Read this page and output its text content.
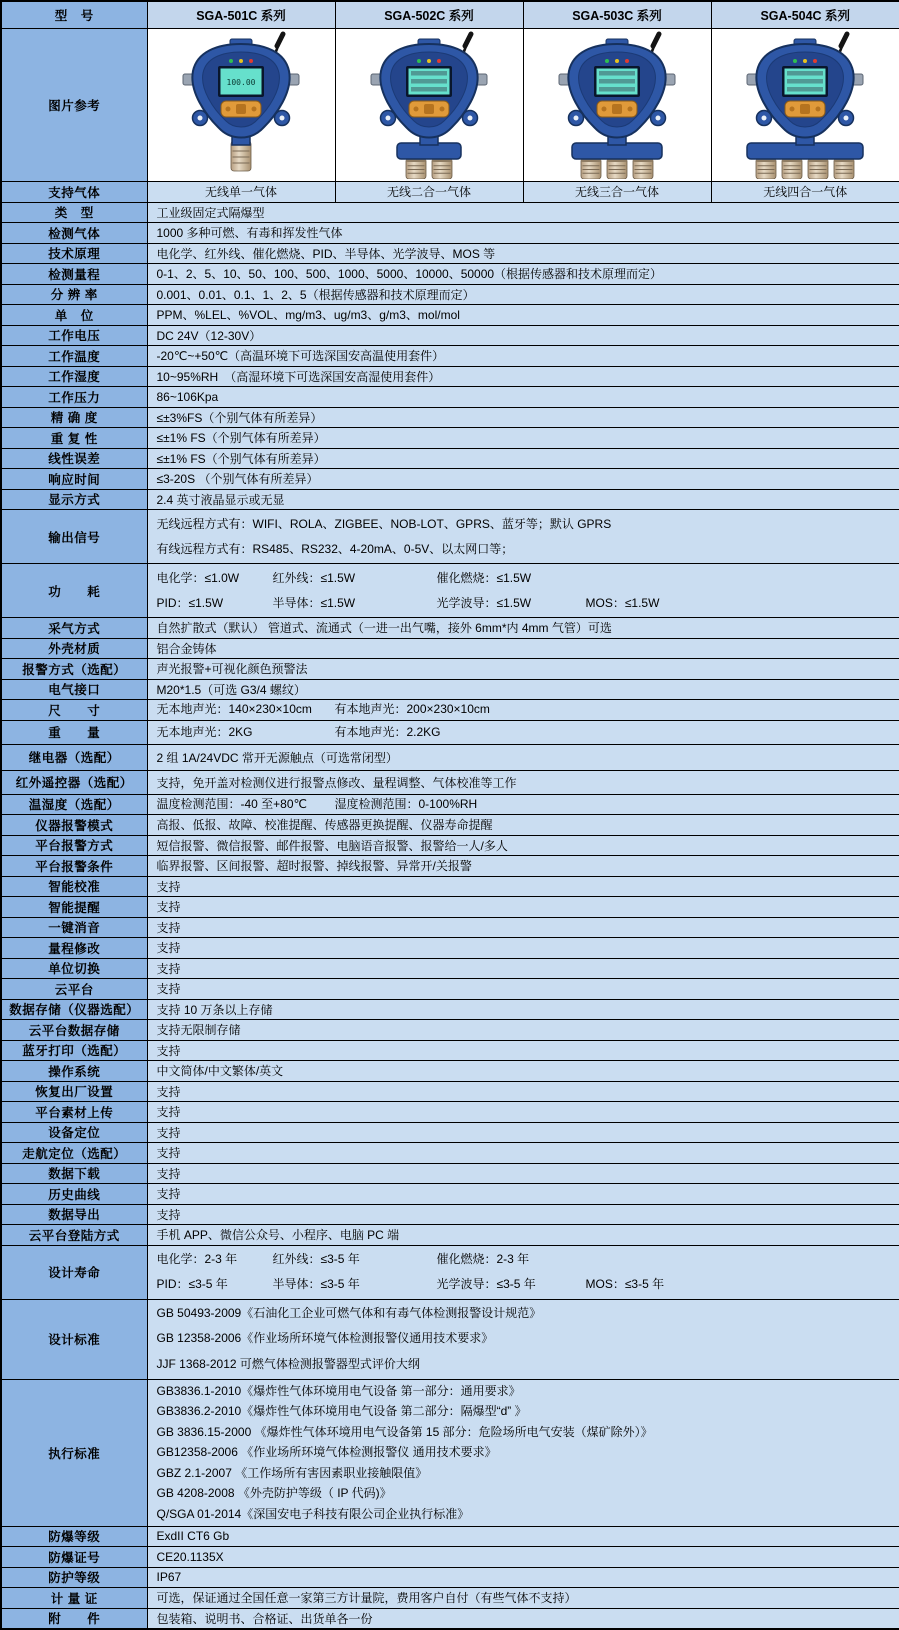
型　号	SGA-501C 系列	SGA-502C 系列	SGA-503C 系列	SGA-504C 系列
图片参考	100.00

支持气体	无线单一气体	无线二合一气体	无线三合一气体	无线四合一气体
类　型	工业级固定式隔爆型			
检测气体	1000 多种可燃、有毒和挥发性气体			
技术原理	电化学、红外线、催化燃烧、PID、半导体、光学波导、MOS 等			
检测量程	0-1、2、5、10、50、100、500、1000、5000、10000、50000（根据传感器和技术原理而定）			
分 辨 率	0.001、0.01、0.1、1、2、5（根据传感器和技术原理而定）			
单　位	PPM、%LEL、%VOL、mg/m3、ug/m3、g/m3、mol/mol			
工作电压	DC 24V（12-30V）			
工作温度	-20℃~+50℃（高温环境下可选深国安高温使用套件）			
工作湿度	10~95%RH　（高湿环境下可选深国安高湿使用套件）			
工作压力	86~106Kpa			
精 确 度	≤±3%FS（个别气体有所差异）			
重 复 性	≤±1% FS（个别气体有所差异）			
线性误差	≤±1% FS（个别气体有所差异）			
响应时间	≤3-20S （个别气体有所差异）			
显示方式	2.4 英寸液晶显示或无显			
输出信号	无线远程方式有：WIFI、ROLA、ZIGBEE、NOB-LOT、GPRS、蓝牙等；默认 GPRS
有线远程方式有：RS485、RS232、4-20mA、0-5V、以太网口等；			

功　　耗	电化学：≤1.0W 红外线：≤1.5W 催化燃烧：≤1.5W
PID：≤1.5W 半导体：≤1.5W 光学波导：≤1.5W MOS：≤1.5W			

采气方式	自然扩散式（默认） 管道式、流通式（一进一出气嘴，接外 6mm*内 4mm 气管）可选			
外壳材质	铝合金铸体			
报警方式（选配）	声光报警+可视化颜色预警法			
电气接口	M20*1.5（可选 G3/4 螺纹）			
尺　　寸	无本地声光：140×230×10cm 有本地声光：200×230×10cm			

重　　量	无本地声光：2KG 有本地声光：2.2KG			

继电器（选配）	2 组 1A/24VDC 常开无源触点（可选常闭型）			
红外遥控器（选配）	支持，免开盖对检测仪进行报警点修改、量程调整、气体校准等工作			
温湿度（选配）	温度检测范围：-40 至+80℃ 湿度检测范围：0-100%RH			

仪器报警模式	高报、低报、故障、校准提醒、传感器更换提醒、仪器寿命提醒			
平台报警方式	短信报警、微信报警、邮件报警、电脑语音报警、报警给一人/多人			
平台报警条件	临界报警、区间报警、超时报警、掉线报警、异常开/关报警			
智能校准	支持			
智能提醒	支持			
一键消音	支持			
量程修改	支持			
单位切换	支持			
云平台	支持			
数据存储（仪器选配）	支持 10 万条以上存储			
云平台数据存储	支持无限制存储			
蓝牙打印（选配）	支持			
操作系统	中文简体/中文繁体/英文			
恢复出厂设置	支持			
平台素材上传	支持			
设备定位	支持			
走航定位（选配）	支持			
数据下载	支持			
历史曲线	支持			
数据导出	支持			
云平台登陆方式	手机 APP、微信公众号、小程序、电脑 PC 端			
设计寿命	电化学：2-3 年 红外线：≤3-5 年 催化燃烧：2-3 年
PID：≤3-5 年 半导体：≤3-5 年 光学波导：≤3-5 年 MOS：≤3-5 年			

设计标准	GB 50493-2009《石油化工企业可燃气体和有毒气体检测报警设计规范》
GB 12358-2006《作业场所环境气体检测报警仪通用技术要求》
JJF 1368-2012 可燃气体检测报警器型式评价大纲			

执行标准	
GB3836.1-2010《爆炸性气体环境用电气设备 第一部分：通用要求》
GB3836.2-2010《爆炸性气体环境用电气设备 第二部分：隔爆型“d” 》
GB 3836.15-2000 《爆炸性气体环境用电气设备第 15 部分：危险场所电气安装（煤矿除外）》
GB12358-2006 《作业场所环境气体检测报警仪 通用技术要求》
GBZ 2.1-2007 《工作场所有害因素职业接触限值》
GB 4208-2008 《外壳防护等级（ IP 代码)》
Q/SGA 01-2014《深国安电子科技有限公司企业执行标准》

防爆等级	ExdII CT6 Gb			
防爆证号	CE20.1135X			
防护等级	IP67			
计 量 证	可选，保证通过全国任意一家第三方计量院，费用客户自付（有些气体不支持）			
附　　件	包装箱、说明书、合格证、出货单各一份			
